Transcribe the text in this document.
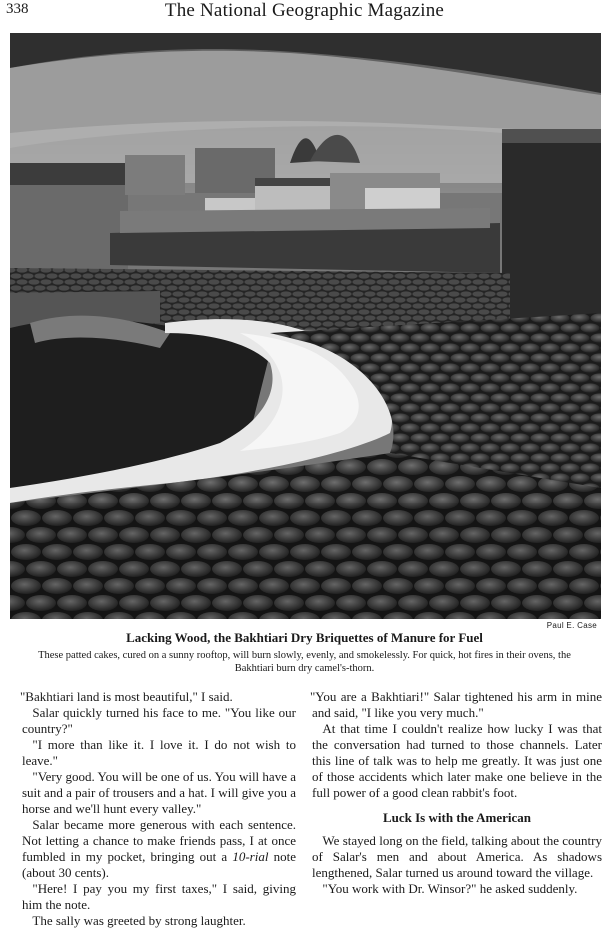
338	The National Geographic Magazine
Paul E. Case
Lacking Wood, the Bakhtiari Dry Briquettes of Manure for Fuel
These patted cakes, cured on a sunny rooftop, will burn slowly, evenly, and smokelessly. For quick, hot fires in their ovens, the Bakhtiari burn dry camel's-thorn.

"Bakhtiari land is most beautiful," I said.

Salar quickly turned his face to me. "You like our country?"

"I more than like it. I love it. I do not wish to leave."

"Very good. You will be one of us. You will have a suit and a pair of trousers and a hat. I will give you a horse and we'll hunt every valley."

Salar became more generous with each sentence. Not letting a chance to make friends pass, I at once fumbled in my pocket, bringing out a 10-rial note (about 30 cents).

"Here! I pay you my first taxes," I said, giving him the note.

The sally was greeted by strong laughter.

"You are a Bakhtiari!" Salar tightened his arm in mine and said, "I like you very much."

At that time I couldn't realize how lucky I was that the conversation had turned to those channels. Later this line of talk was to help me greatly. It was just one of those accidents which later make one believe in the full power of a good clean rabbit's foot.

Luck Is with the American

We stayed long on the field, talking about the country of Salar's men and about America. As shadows lengthened, Salar turned us around toward the village.

"You work with Dr. Winsor?" he asked suddenly.
